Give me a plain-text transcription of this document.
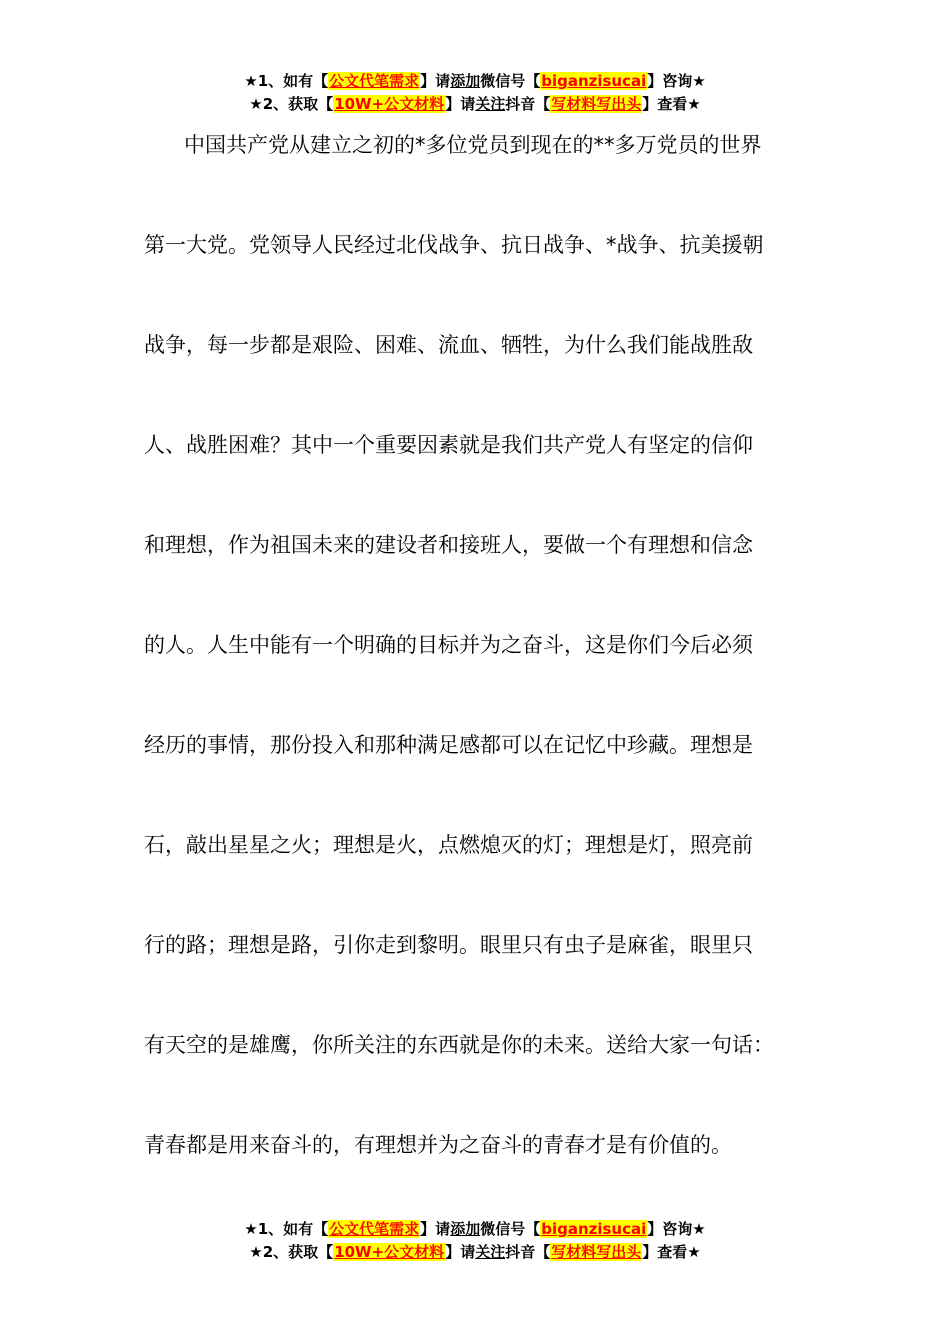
★1、如有【公文代笔需求】请添加微信号【biganzisucai】咨询★
★2、获取【10W+公文材料】请关注抖音【写材料写出头】查看★
中国共产党从建立之初的*多位党员到现在的**多万党员的世界
第一大党。党领导人民经过北伐战争、抗日战争、*战争、抗美援朝
战争，每一步都是艰险、困难、流血、牺牲，为什么我们能战胜敌
人、战胜困难？其中一个重要因素就是我们共产党人有坚定的信仰
和理想，作为祖国未来的建设者和接班人，要做一个有理想和信念
的人。人生中能有一个明确的目标并为之奋斗，这是你们今后必须
经历的事情，那份投入和那种满足感都可以在记忆中珍藏。理想是
石，敲出星星之火；理想是火，点燃熄灭的灯；理想是灯，照亮前
行的路；理想是路，引你走到黎明。眼里只有虫子是麻雀，眼里只
有天空的是雄鹰，你所关注的东西就是你的未来。送给大家一句话：
青春都是用来奋斗的，有理想并为之奋斗的青春才是有价值的。
★1、如有【公文代笔需求】请添加微信号【biganzisucai】咨询★
★2、获取【10W+公文材料】请关注抖音【写材料写出头】查看★
